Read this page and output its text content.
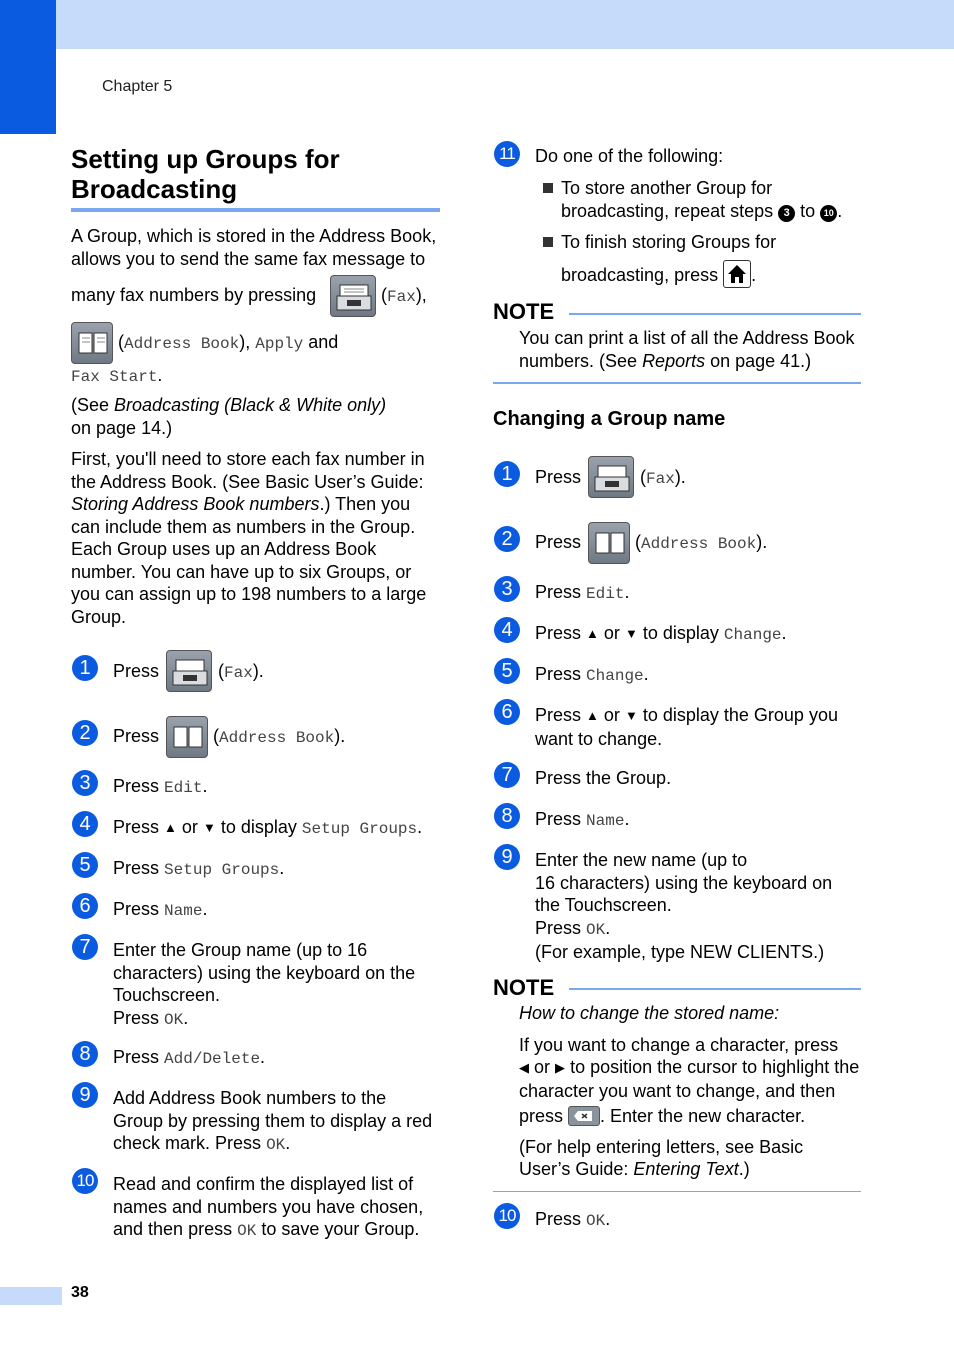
Chapter 5
Setting up Groups for
Broadcasting
A Group, which is stored in the Address Book,
allows you to send the same fax message to
many fax numbers by pressing	(Fax),
(Address Book), Apply and
Fax Start.
(See Broadcasting (Black & White only)
on page 14.)
First, you'll need to store each fax number in
the Address Book. (See Basic User’s Guide:
Storing Address Book numbers.) Then you
can include them as numbers in the Group.
Each Group uses up an Address Book
number. You can have up to six Groups, or
you can assign up to 198 numbers to a large
Group.
1	Press	(Fax).
2	Press	(Address Book).
3	Press Edit.
4	Press ▲ or ▼ to display Setup Groups.
5	Press Setup Groups.
6	Press Name.
7	Enter the Group name (up to 16
characters) using the keyboard on the
Touchscreen.
Press OK.
8	Press Add/Delete.
9	Add Address Book numbers to the
Group by pressing them to display a red
check mark. Press OK.
10 Read and confirm the displayed list of
names and numbers you have chosen,
and then press OK to save your Group.
11 Do one of the following:
To store another Group for
broadcasting, repeat steps 3 to 10 .
To finish storing Groups for
broadcasting, press .
NOTE
You can print a list of all the Address Book
numbers. (See Reports on page 41.)
Changing a Group name
1	Press	(Fax).
2	Press	(Address Book).
3	Press Edit.
4	Press ▲ or ▼ to display Change.
5	Press Change.
6	Press ▲ or ▼ to display the Group you
want to change.
7	Press the Group.
8	Press Name.
9	Enter the new name (up to
16 characters) using the keyboard on
the Touchscreen.
Press OK.
(For example, type NEW CLIENTS.)
NOTE
How to change the stored name:
If you want to change a character, press
◀ or ▶ to position the cursor to highlight the
character you want to change, and then
press . Enter the new character.
(For help entering letters, see Basic
User’s Guide: Entering Text.)
10 Press OK.
38
